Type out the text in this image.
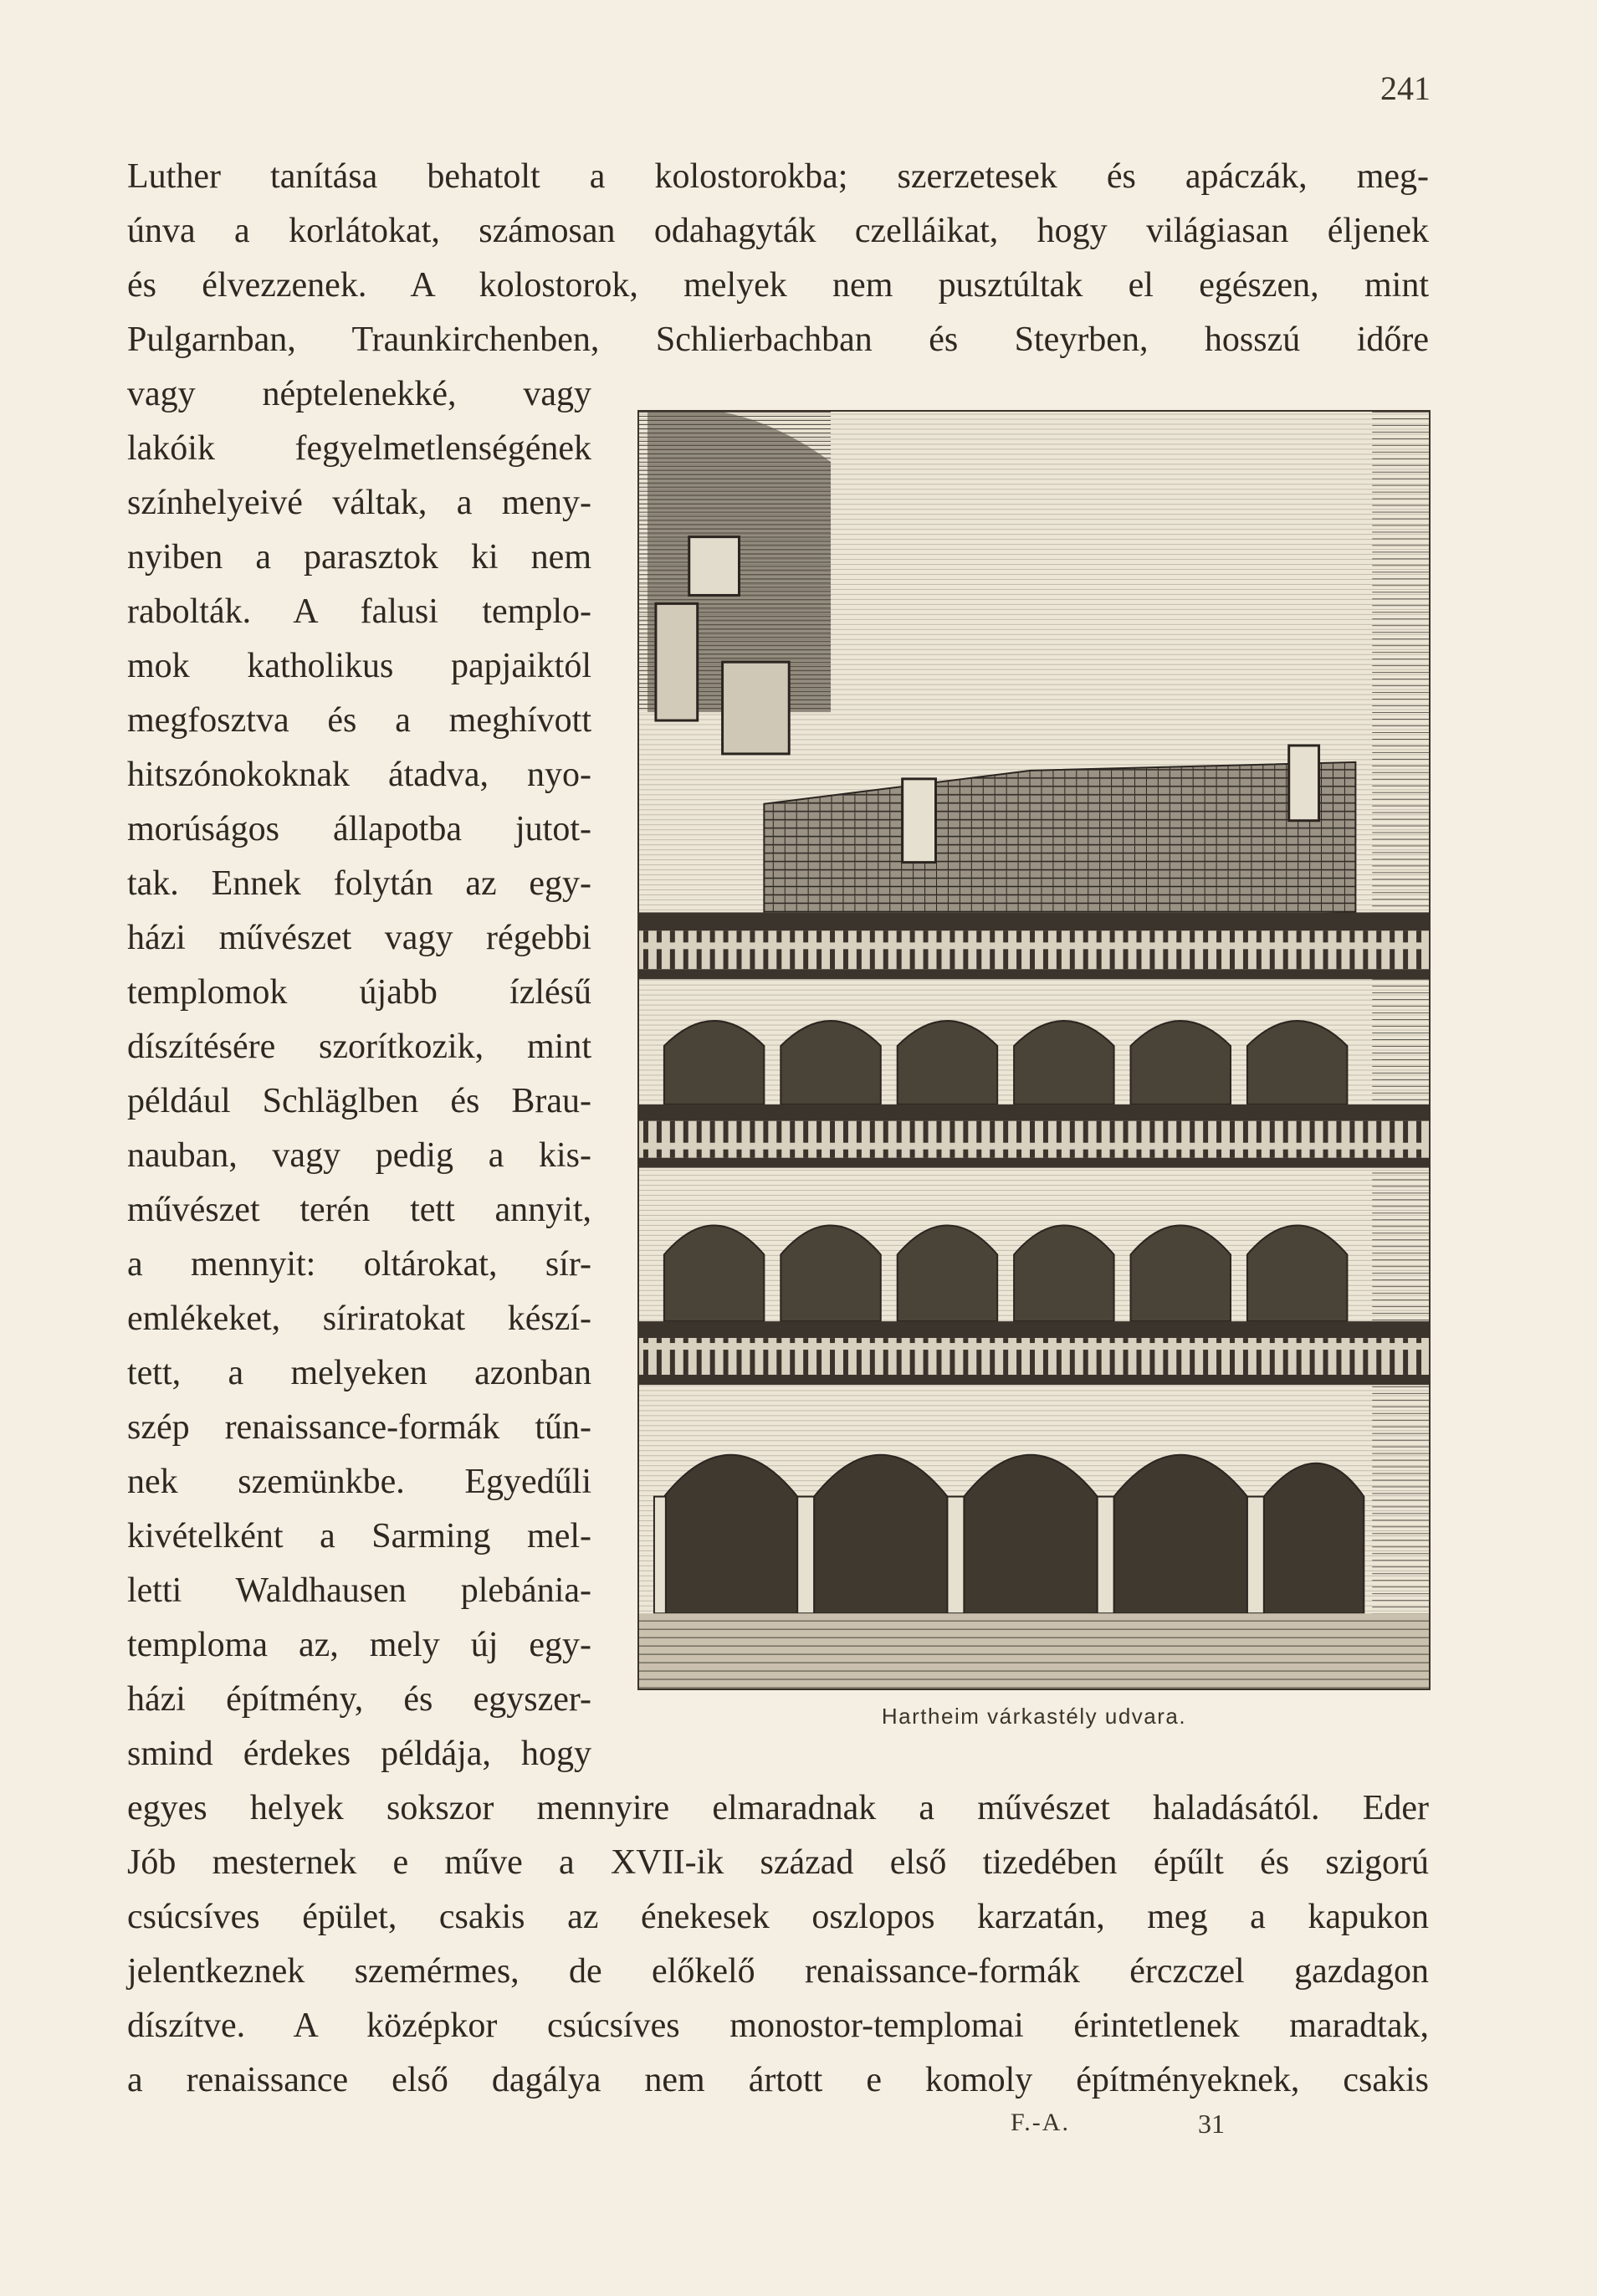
241
Luther tanítása behatolt a kolostorokba; szerzetesek és apáczák, meg-
únva a korlátokat, számosan odahagyták czelláikat, hogy világiasan éljenek
és élvezzenek. A kolostorok, melyek nem pusztúltak el egészen, mint
Pulgarnban, Traunkirchenben, Schlierbachban és Steyrben, hosszú időre
vagy néptelenekké, vagy
lakóik fegyelmetlenségének
színhelyeivé váltak, a meny-
nyiben a parasztok ki nem
rabolták. A falusi templo-
mok katholikus papjaiktól
megfosztva és a meghívott
hitszónokoknak átadva, nyo-
morúságos állapotba jutot-
tak. Ennek folytán az egy-
házi művészet vagy régebbi
templomok újabb ízlésű
díszítésére szorítkozik, mint
például Schläglben és Brau-
nauban, vagy pedig a kis-
művészet terén tett annyit,
a mennyit: oltárokat, sír-
emlékeket, síriratokat készí-
tett, a melyeken azonban
szép renaissance-formák tűn-
nek szemünkbe. Egyedűli
kivételként a Sarming mel-
letti Waldhausen plebánia-
temploma az, mely új egy-
házi építmény, és egyszer-
smind érdekes példája, hogy
Hartheim várkastély udvara.
egyes helyek sokszor mennyire elmaradnak a művészet haladásától. Eder
Jób mesternek e műve a XVII-ik század első tizedében épűlt és szigorú
csúcsíves épület, csakis az énekesek oszlopos karzatán, meg a kapukon
jelentkeznek szemérmes, de előkelő renaissance-formák érczczel gazdagon
díszítve. A középkor csúcsíves monostor-templomai érintetlenek maradtak,
a renaissance első dagálya nem ártott e komoly építményeknek, csakis
F.-A.	31
